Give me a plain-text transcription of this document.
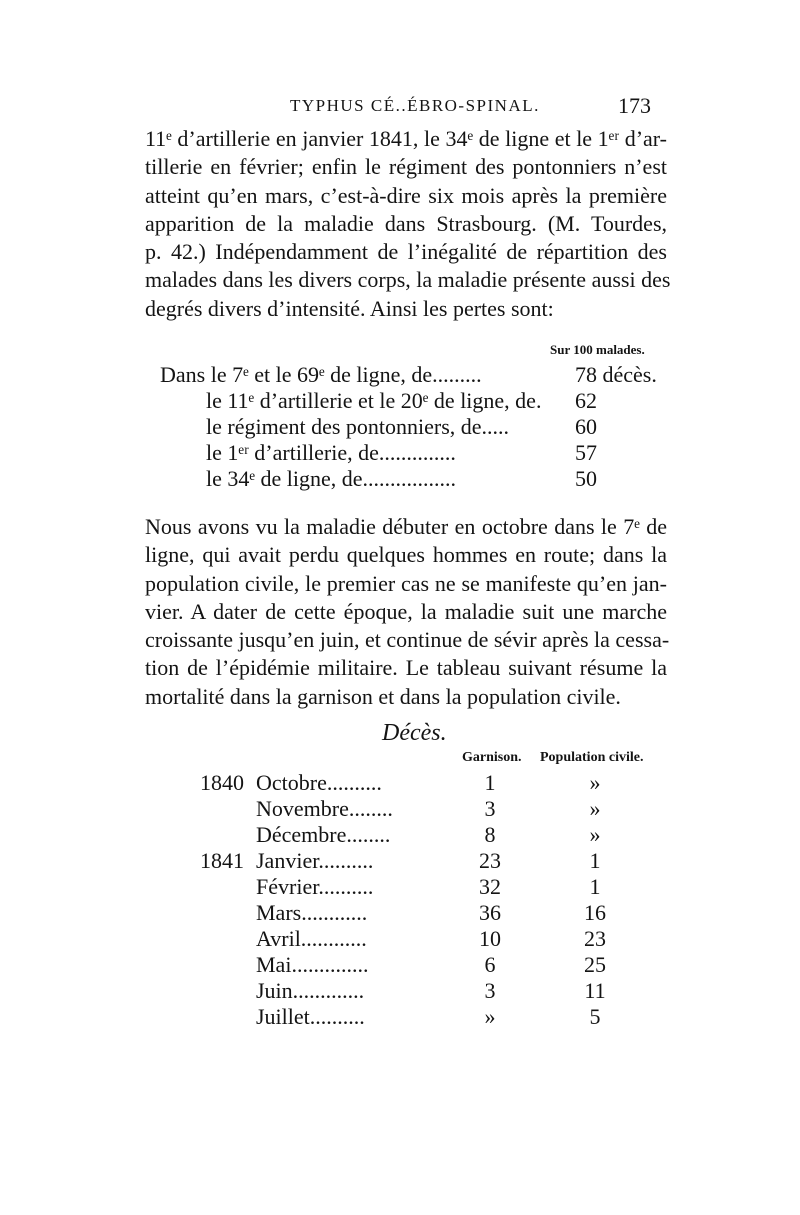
TYPHUS CÉ..ÉBRO-SPINAL.	173
11ᵉ d’artillerie en janvier 1841, le 34ᵉ de ligne et le 1ᵉʳ d’ar-
tillerie en février; enfin le régiment des pontonniers n’est
atteint qu’en mars, c’est-à-dire six mois après la première
apparition de la maladie dans Strasbourg. (M. Tourdes,
p. 42.) Indépendamment de l’inégalité de répartition des
malades dans les divers corps, la maladie présente aussi des
degrés divers d’intensité. Ainsi les pertes sont:
Sur 100 malades.
Dans le 7ᵉ et le 69ᵉ de ligne, de.........	78 décès.
le 11ᵉ d’artillerie et le 20ᵉ de ligne, de. 62
le régiment des pontonniers, de.....	60
le 1ᵉʳ d’artillerie, de..............	57
le 34ᵉ de ligne, de.................	50
Nous avons vu la maladie débuter en octobre dans le 7ᵉ de
ligne, qui avait perdu quelques hommes en route; dans la
population civile, le premier cas ne se manifeste qu’en jan-
vier. A dater de cette époque, la maladie suit une marche
croissante jusqu’en juin, et continue de sévir après la cessa-
tion de l’épidémie militaire. Le tableau suivant résume la
mortalité dans la garnison et dans la population civile.
Décès.
Garnison. Population civile.
1840 Octobre..........	1	»
Novembre........	3	»
Décembre........	8	»
1841 Janvier..........	23	1
Février..........	32	1
Mars............	36	16
Avril............	10	23
Mai..............	6	25
Juin.............	3	11
Juillet..........	»	5
